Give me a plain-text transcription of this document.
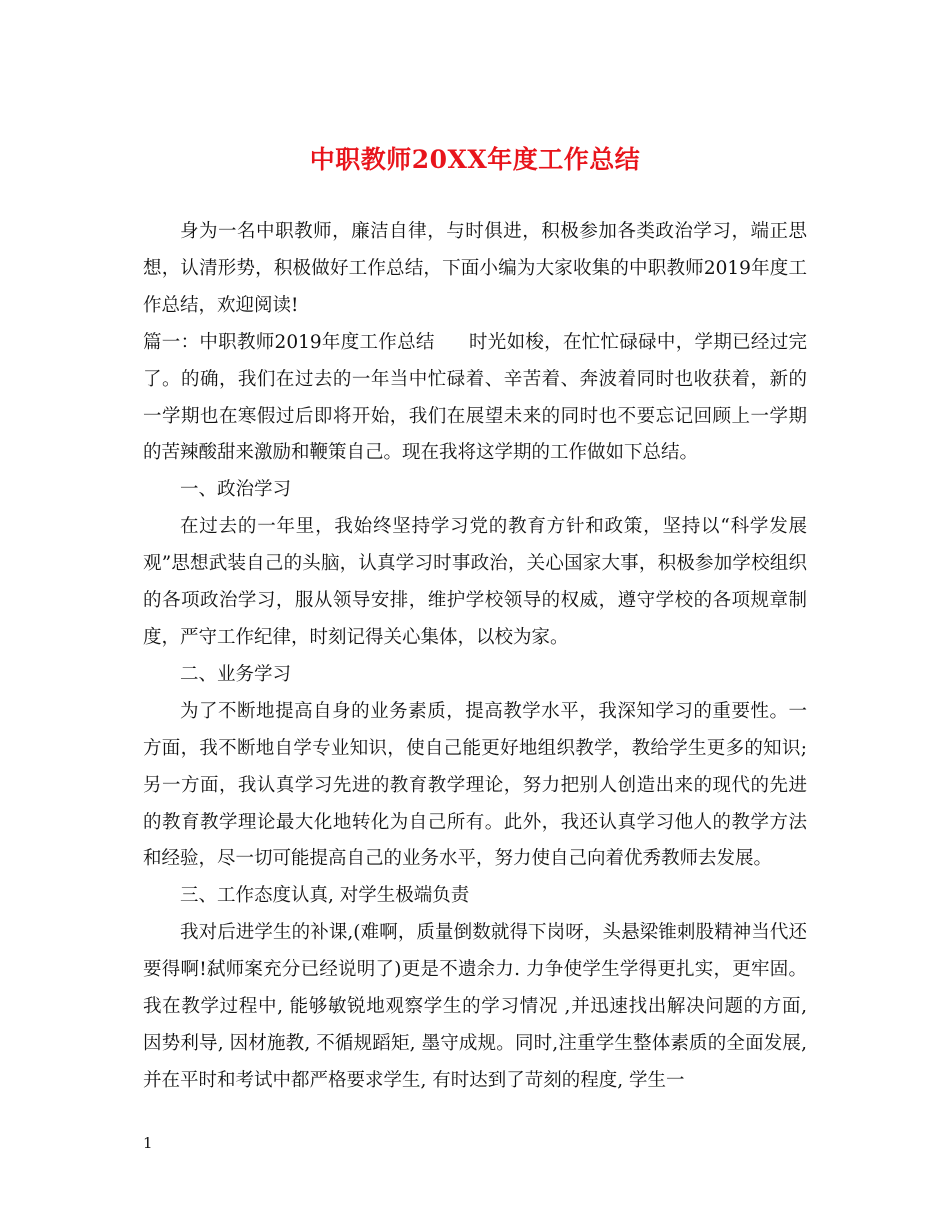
中职教师20XX年度工作总结

身为一名中职教师，廉洁自律，与时俱进，积极参加各类政治学习，端正思想，认清形势，积极做好工作总结，下面小编为大家收集的中职教师2019年度工作总结，欢迎阅读!

篇一：中职教师2019年度工作总结 时光如梭，在忙忙碌碌中，学期已经过完了。的确，我们在过去的一年当中忙碌着、辛苦着、奔波着同时也收获着，新的一学期也在寒假过后即将开始，我们在展望未来的同时也不要忘记回顾上一学期的苦辣酸甜来激励和鞭策自己。现在我将这学期的工作做如下总结。

一、政治学习

在过去的一年里，我始终坚持学习党的教育方针和政策，坚持以“科学发展观”思想武装自己的头脑，认真学习时事政治，关心国家大事，积极参加学校组织的各项政治学习，服从领导安排，维护学校领导的权威，遵守学校的各项规章制度，严守工作纪律，时刻记得关心集体，以校为家。

二、业务学习

为了不断地提高自身的业务素质，提高教学水平，我深知学习的重要性。一方面，我不断地自学专业知识，使自己能更好地组织教学，教给学生更多的知识;另一方面，我认真学习先进的教育教学理论，努力把别人创造出来的现代的先进的教育教学理论最大化地转化为自己所有。此外，我还认真学习他人的教学方法和经验，尽一切可能提高自己的业务水平，努力使自己向着优秀教师去发展。

三、工作态度认真, 对学生极端负责

我对后进学生的补课,(难啊，质量倒数就得下岗呀，头悬梁锥刺股精神当代还要得啊!弑师案充分已经说明了)更是不遗余力. 力争使学生学得更扎实，更牢固。我在教学过程中, 能够敏锐地观察学生的学习情况 ,并迅速找出解决问题的方面, 因势利导, 因材施教, 不循规蹈矩, 墨守成规。同时,注重学生整体素质的全面发展, 并在平时和考试中都严格要求学生, 有时达到了苛刻的程度, 学生一

1
